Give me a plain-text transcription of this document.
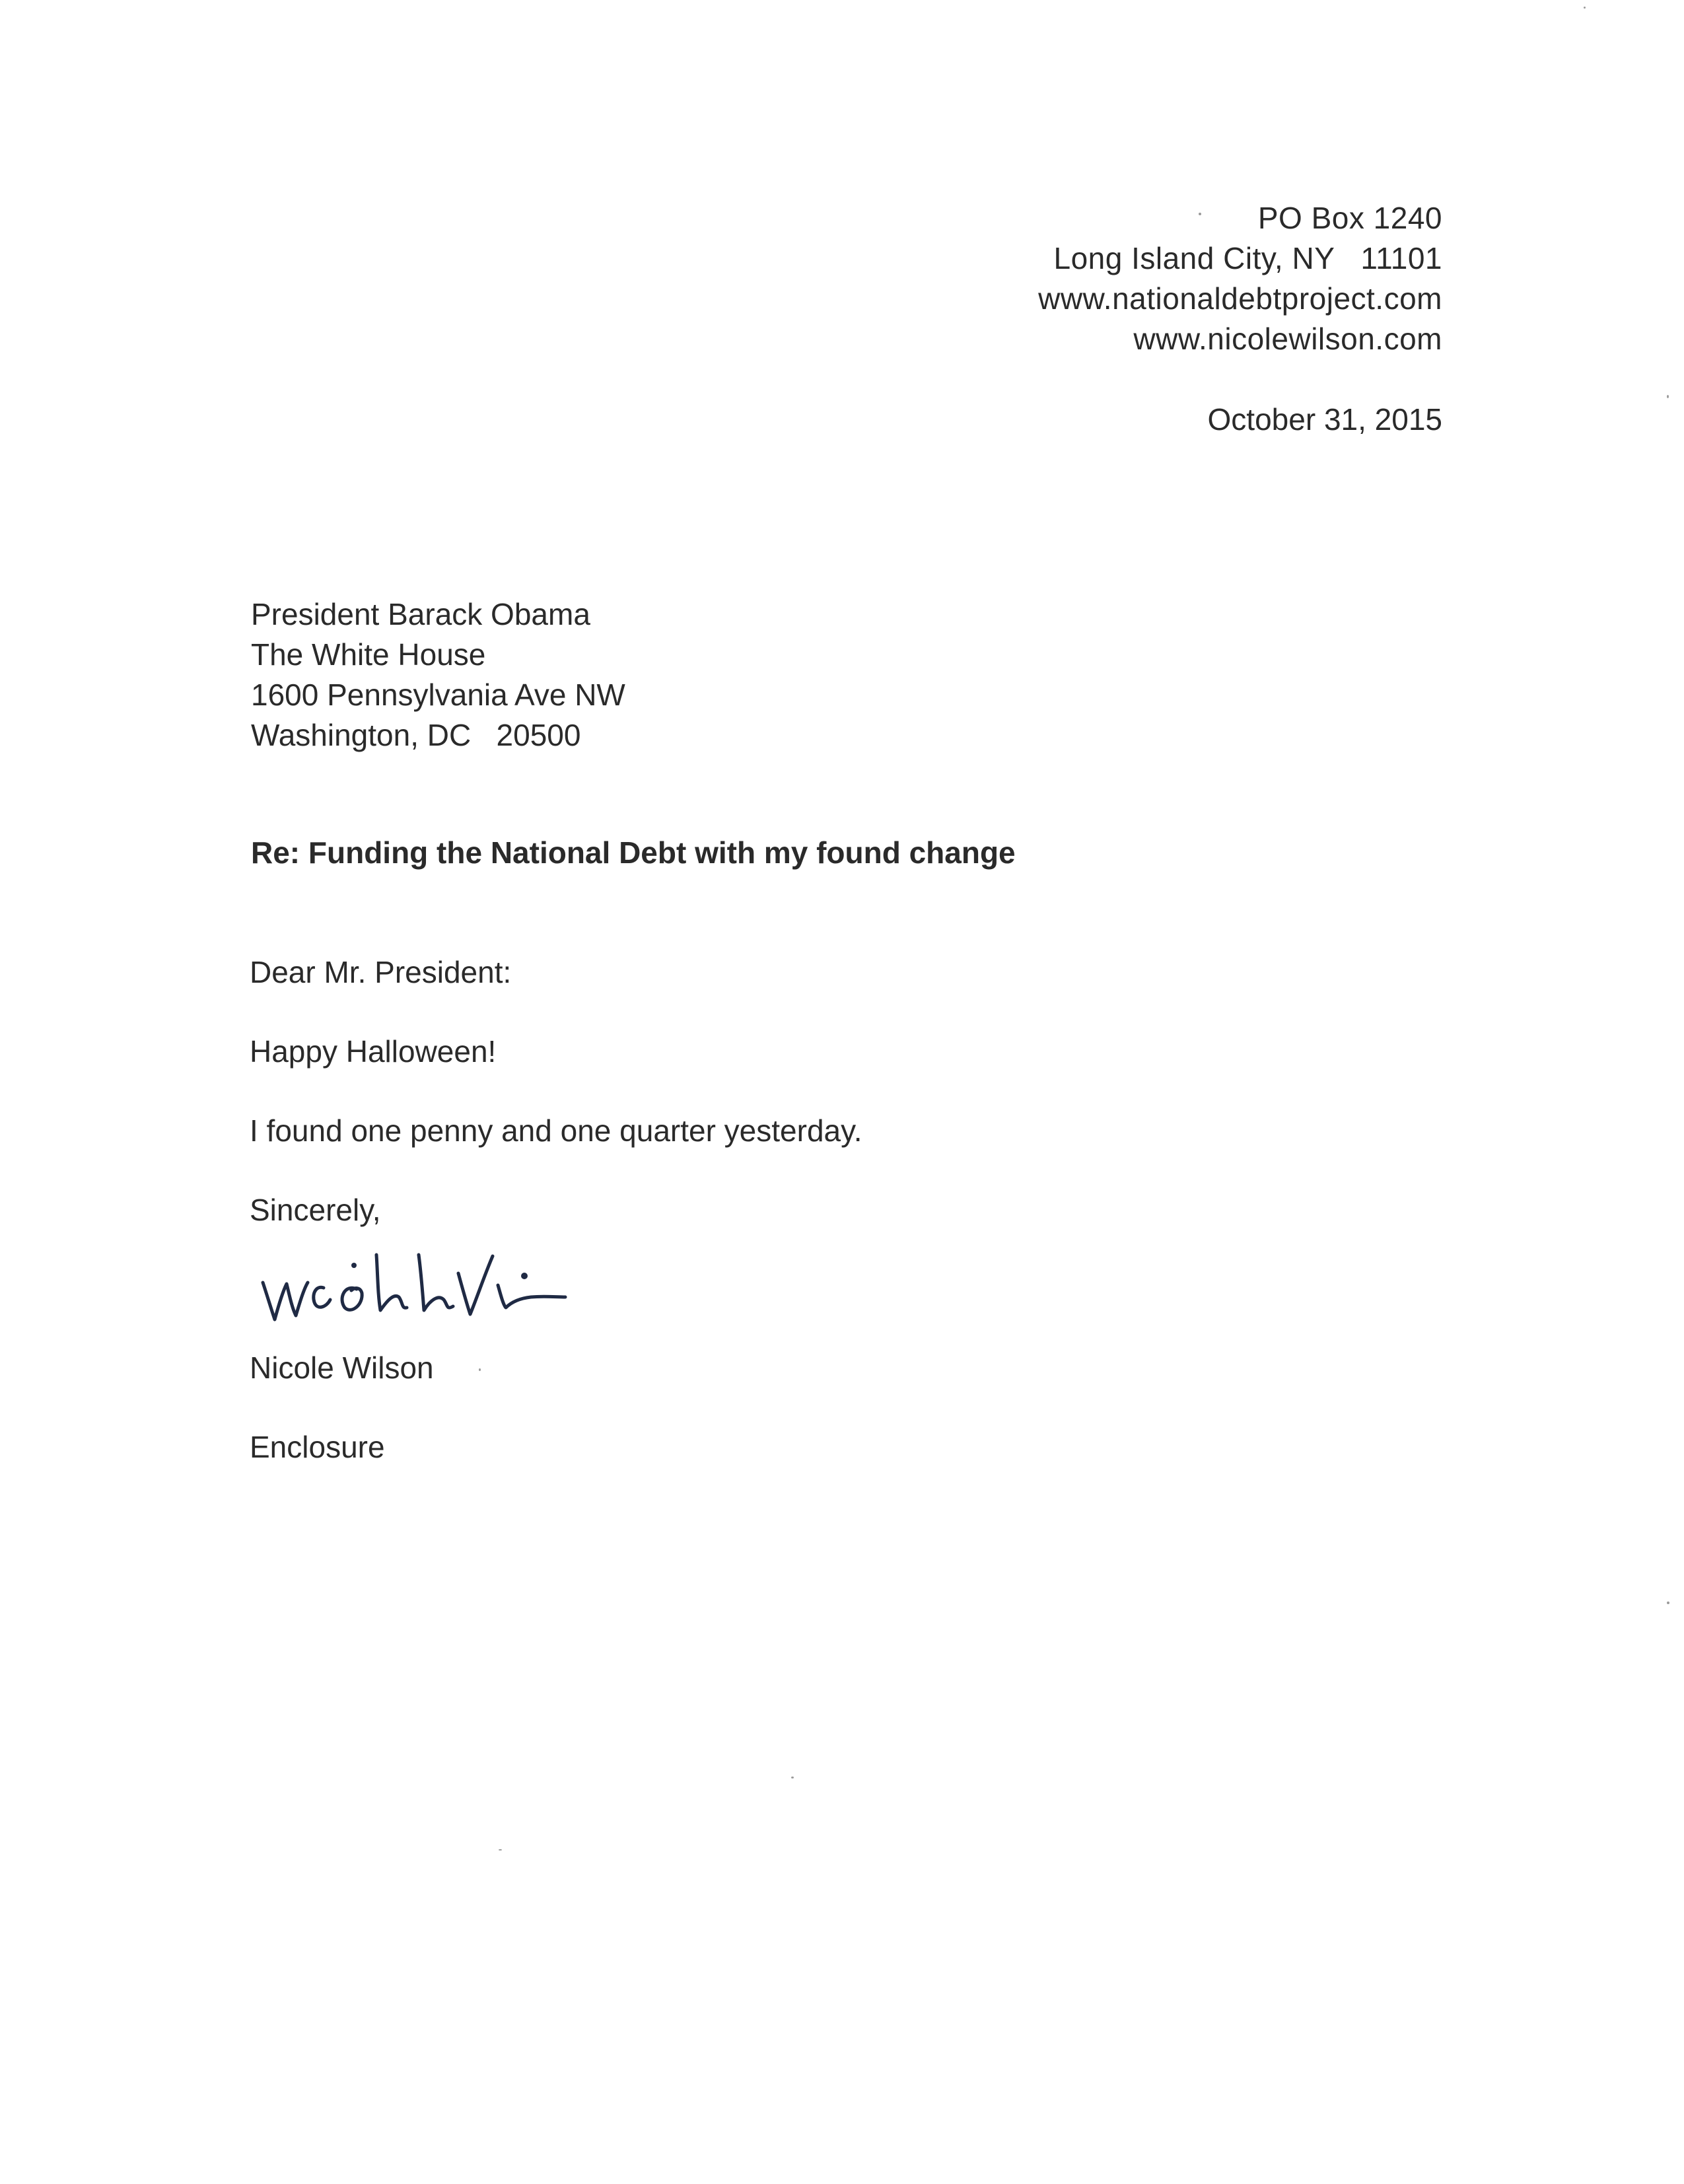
PO Box 1240
Long Island City, NY   11101
www.nationaldebtproject.com
www.nicolewilson.com
October 31, 2015
President Barack Obama
The White House
1600 Pennsylvania Ave NW
Washington, DC   20500
Re: Funding the National Debt with my found change
Dear Mr. President:
Happy Halloween!
I found one penny and one quarter yesterday.
Sincerely,
Nicole Wilson
Enclosure
